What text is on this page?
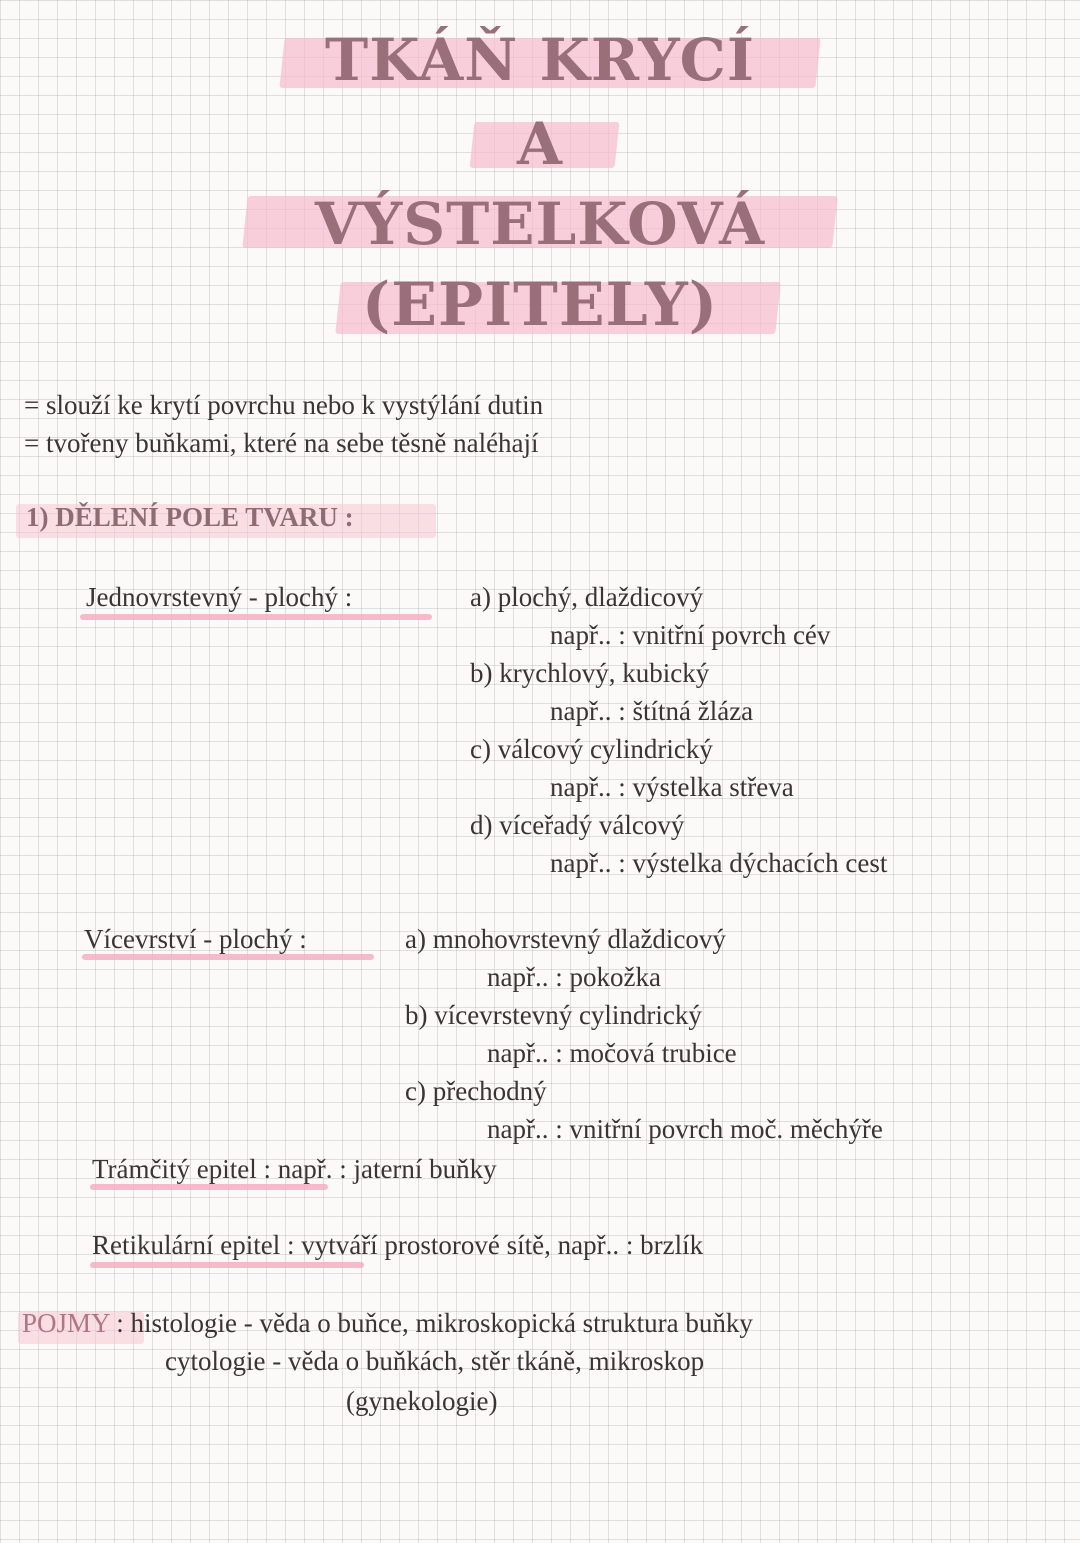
TKÁŇ KRYCÍ
A
VÝSTELKOVÁ
(EPITELY)
= slouží ke krytí povrchu nebo k vystýlání dutin
= tvořeny buňkami, které na sebe těsně naléhají
1) DĚLENÍ POLE TVARU :
Jednovrstevný - plochý :	a) plochý, dlaždicový
např.. : vnitřní povrch cév
b) krychlový, kubický
např.. : štítná žláza
c) válcový cylindrický
např.. : výstelka střeva
d) víceřadý válcový
např.. : výstelka dýchacích cest
Vícevrství - plochý :	a) mnohovrstevný dlaždicový
např.. : pokožka
b) vícevrstevný cylindrický
např.. : močová trubice
c) přechodný
např.. : vnitřní povrch moč. měchýře
Trámčitý epitel : např. : jaterní buňky
Retikulární epitel : vytváří prostorové sítě, např.. : brzlík
POJMY : histologie - věda o buňce, mikroskopická struktura buňky
cytologie - věda o buňkách, stěr tkáně, mikroskop
(gynekologie)
